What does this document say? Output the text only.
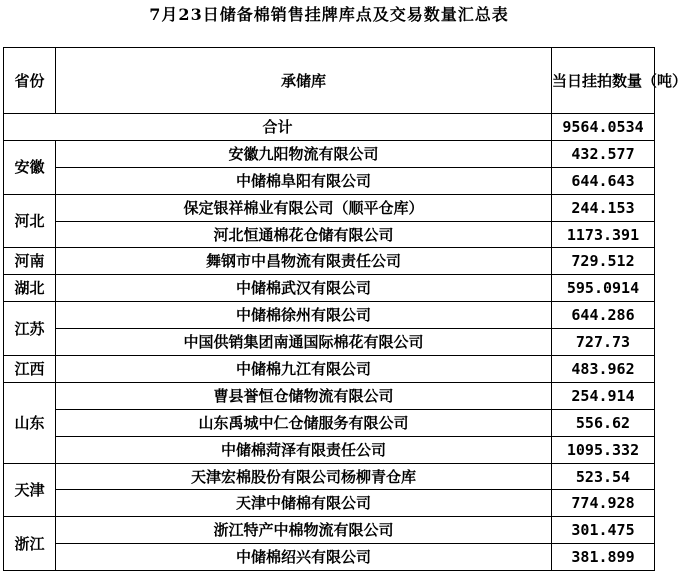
7月23日储备棉销售挂牌库点及交易数量汇总表
省份	承储库	当日挂拍数量（吨）
合计		9564.0534
安徽	安徽九阳物流有限公司	432.577
	中储棉阜阳有限公司	644.643
河北	保定银祥棉业有限公司（顺平仓库）	244.153
	河北恒通棉花仓储有限公司	1173.391
河南	舞钢市中昌物流有限责任公司	729.512
湖北	中储棉武汉有限公司	595.0914
江苏	中储棉徐州有限公司	644.286
	中国供销集团南通国际棉花有限公司	727.73
江西	中储棉九江有限公司	483.962
山东	曹县誉恒仓储物流有限公司	254.914
	山东禹城中仁仓储服务有限公司	556.62
	中储棉菏泽有限责任公司	1095.332
天津	天津宏棉股份有限公司杨柳青仓库	523.54
	天津中储棉有限公司	774.928
浙江	浙江特产中棉物流有限公司	301.475
	中储棉绍兴有限公司	381.899
